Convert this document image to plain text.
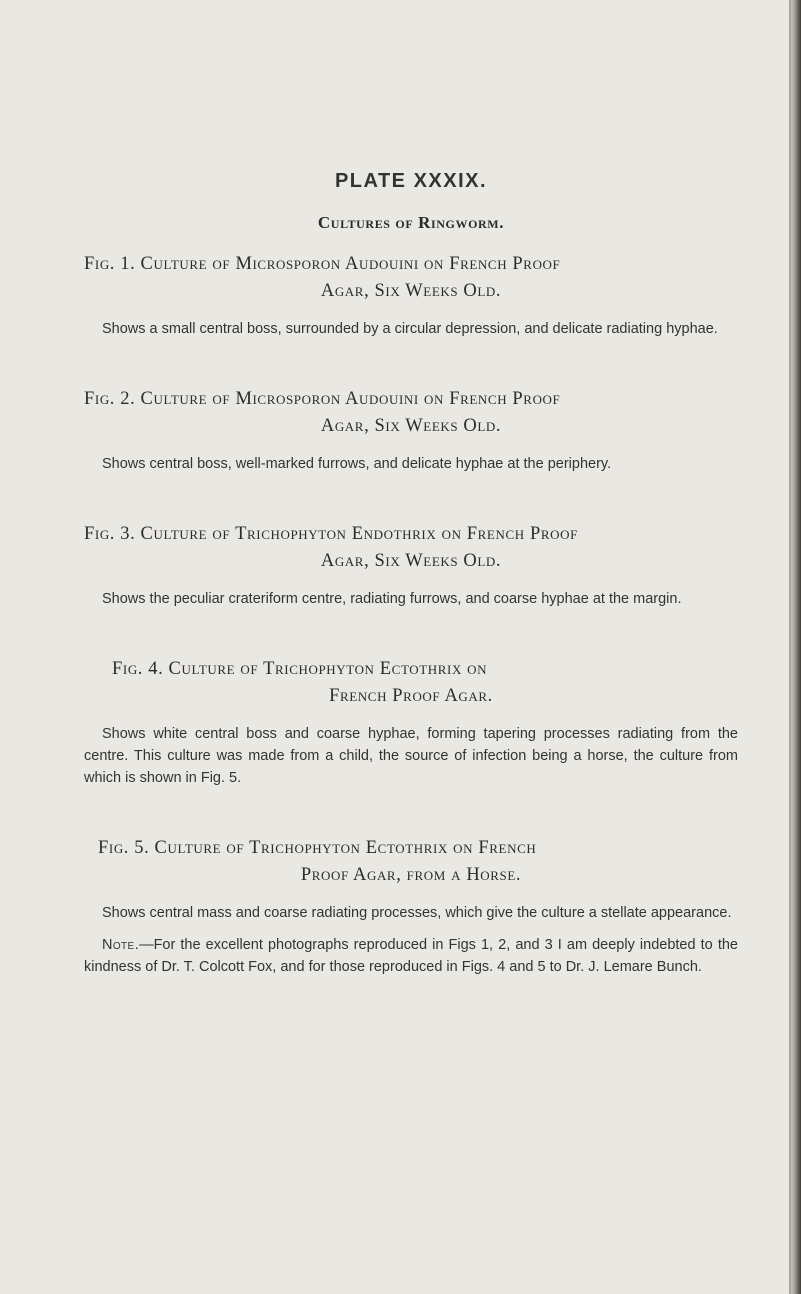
PLATE XXXIX.
Cultures of Ringworm.

Fig. 1. Culture of Microsporon Audouini on French Proof
Agar, Six Weeks Old.

Shows a small central boss, surrounded by a circular depression, and delicate radiating hyphae.

Fig. 2. Culture of Microsporon Audouini on French Proof
Agar, Six Weeks Old.

Shows central boss, well-marked furrows, and delicate hyphae at the periphery.

Fig. 3. Culture of Trichophyton Endothrix on French Proof
Agar, Six Weeks Old.

Shows the peculiar crateriform centre, radiating furrows, and coarse hyphae at the margin.

Fig. 4. Culture of Trichophyton Ectothrix on
French Proof Agar.

Shows white central boss and coarse hyphae, forming tapering processes radiating from the centre. This culture was made from a child, the source of infection being a horse, the culture from which is shown in Fig. 5.

Fig. 5. Culture of Trichophyton Ectothrix on French
Proof Agar, from a Horse.

Shows central mass and coarse radiating processes, which give the culture a stellate appearance.

Note.—For the excellent photographs reproduced in Figs 1, 2, and 3 I am deeply indebted to the kindness of Dr. T. Colcott Fox, and for those reproduced in Figs. 4 and 5 to Dr. J. Lemare Bunch.
